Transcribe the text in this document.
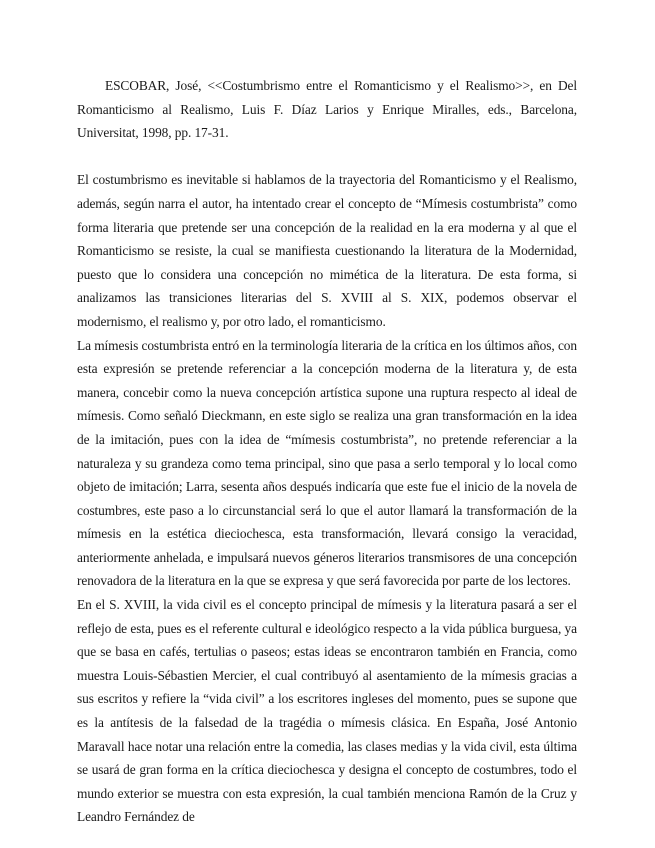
ESCOBAR, José, <<Costumbrismo entre el Romanticismo y el Realismo>>, en Del Romanticismo al Realismo, Luis F. Díaz Larios y Enrique Miralles, eds., Barcelona, Universitat, 1998, pp. 17-31.

El costumbrismo es inevitable si hablamos de la trayectoria del Romanticismo y el Realismo, además, según narra el autor, ha intentado crear el concepto de “Mímesis costumbrista” como forma literaria que pretende ser una concepción de la realidad en la era moderna y al que el Romanticismo se resiste, la cual se manifiesta cuestionando la literatura de la Modernidad, puesto que lo considera una concepción no mimética de la literatura. De esta forma, si analizamos las transiciones literarias del S. XVIII al S. XIX, podemos observar el modernismo, el realismo y, por otro lado, el romanticismo.

La mímesis costumbrista entró en la terminología literaria de la crítica en los últimos años, con esta expresión se pretende referenciar a la concepción moderna de la literatura y, de esta manera, concebir como la nueva concepción artística supone una ruptura respecto al ideal de mímesis. Como señaló Dieckmann, en este siglo se realiza una gran transformación en la idea de la imitación, pues con la idea de “mímesis costumbrista”, no pretende referenciar a la naturaleza y su grandeza como tema principal, sino que pasa a serlo temporal y lo local como objeto de imitación; Larra, sesenta años después indicaría que este fue el inicio de la novela de costumbres, este paso a lo circunstancial será lo que el autor llamará la transformación de la mímesis en la estética dieciochesca, esta transformación, llevará consigo la veracidad, anteriormente anhelada, e impulsará nuevos géneros literarios transmisores de una concepción renovadora de la literatura en la que se expresa y que será favorecida por parte de los lectores.

En el S. XVIII, la vida civil es el concepto principal de mímesis y la literatura pasará a ser el reflejo de esta, pues es el referente cultural e ideológico respecto a la vida pública burguesa, ya que se basa en cafés, tertulias o paseos; estas ideas se encontraron también en Francia, como muestra Louis-Sébastien Mercier, el cual contribuyó al asentamiento de la mímesis gracias a sus escritos y refiere la “vida civil” a los escritores ingleses del momento, pues se supone que es la antítesis de la falsedad de la tragédia o mímesis clásica. En España, José Antonio Maravall hace notar una relación entre la comedia, las clases medias y la vida civil, esta última se usará de gran forma en la crítica dieciochesca y designa el concepto de costumbres, todo el mundo exterior se muestra con esta expresión, la cual también menciona Ramón de la Cruz y Leandro Fernández de
